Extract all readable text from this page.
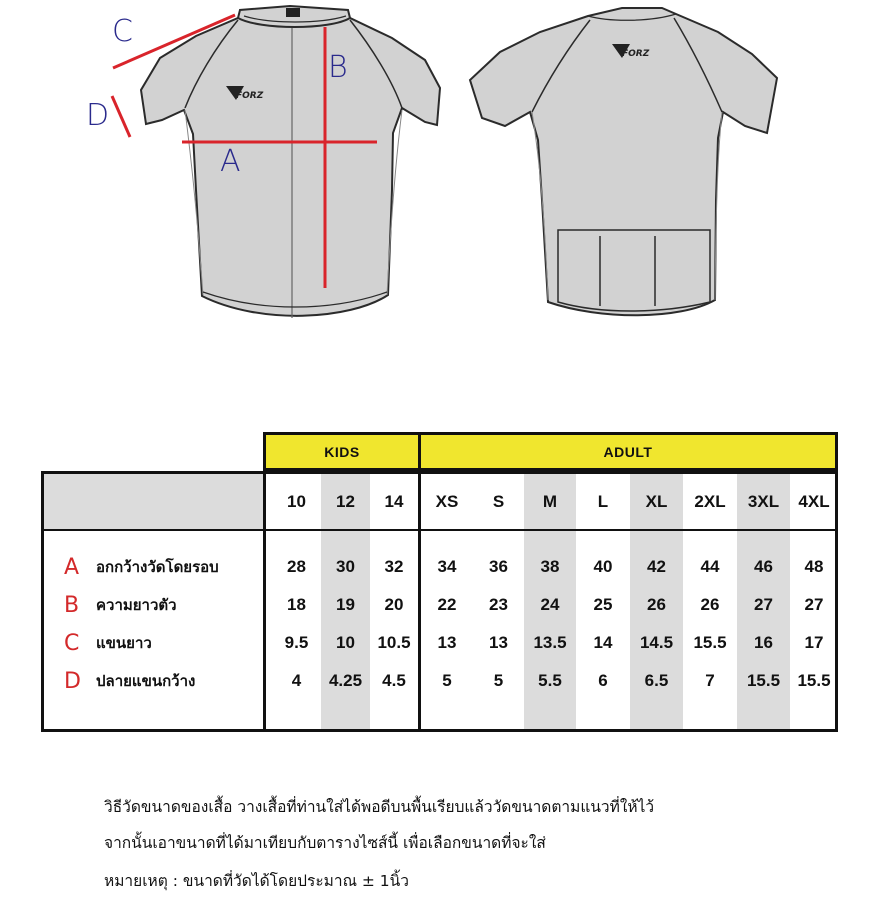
FORZ
FORZ
C
B
D
A
KIDS	ADULT
10	12	14	XS	S	M	L	XL	2XL	3XL	4XL
A อกกว้างวัดโดยรอบ	28	30	32	34	36	38	40	42	44	46	48
B ความยาวตัว	18	19	20	22	23	24	25	26	26	27	27
C แขนยาว	9.5	10	10.5	13	13	13.5	14	14.5	15.5	16	17
D ปลายแขนกว้าง	4	4.25	4.5	5	5	5.5	6	6.5	7	15.5	15.5
วิธีวัดขนาดของเสื้อ วางเสื้อที่ท่านใส่ได้พอดีบนพื้นเรียบแล้ววัดขนาดตามแนวที่ให้ไว้
จากนั้นเอาขนาดที่ได้มาเทียบกับตารางไซส์นี้ เพื่อเลือกขนาดที่จะใส่
หมายเหตุ : ขนาดที่วัดได้โดยประมาณ ± 1นิ้ว
